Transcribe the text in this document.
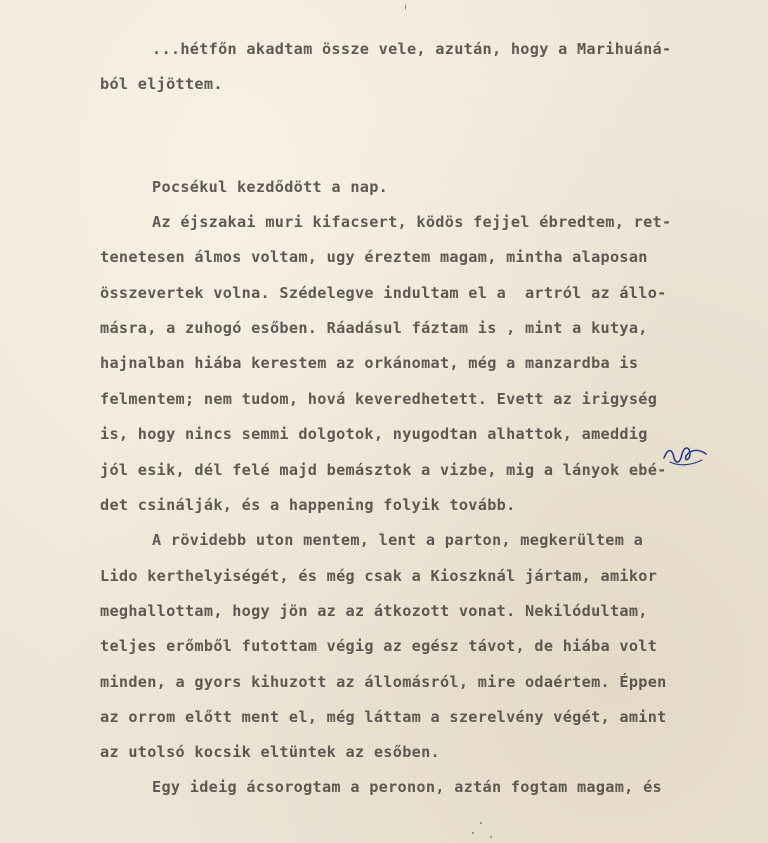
...hétfőn akadtam össze vele, azután, hogy a Marihuáná-

ból eljöttem.

Pocsékul kezdődött a nap.

Az éjszakai muri kifacsert, ködös fejjel ébredtem, ret-

tenetesen álmos voltam, ugy éreztem magam, mintha alaposan

összevertek volna. Szédelegve indultam el a  artról az állo-

másra, a zuhogó esőben. Ráadásul fáztam is , mint a kutya,

hajnalban hiába kerestem az orkánomat, még a manzardba is

felmentem; nem tudom, hová keveredhetett. Evett az irigység

is, hogy nincs semmi dolgotok, nyugodtan alhattok, ameddig

jól esik, dél felé majd bemásztok a vizbe, mig a lányok ebé-

det csinálják, és a happening folyik tovább.

A rövidebb uton mentem, lent a parton, megkerültem a

Lido kerthelyiségét, és még csak a Kioszknál jártam, amikor

meghallottam, hogy jön az az átkozott vonat. Nekilódultam,

teljes erőmből futottam végig az egész távot, de hiába volt

minden, a gyors kihuzott az állomásról, mire odaértem. Éppen

az orrom előtt ment el, még láttam a szerelvény végét, amint

az utolsó kocsik eltüntek az esőben.

Egy ideig ácsorogtam a peronon, aztán fogtam magam, és
